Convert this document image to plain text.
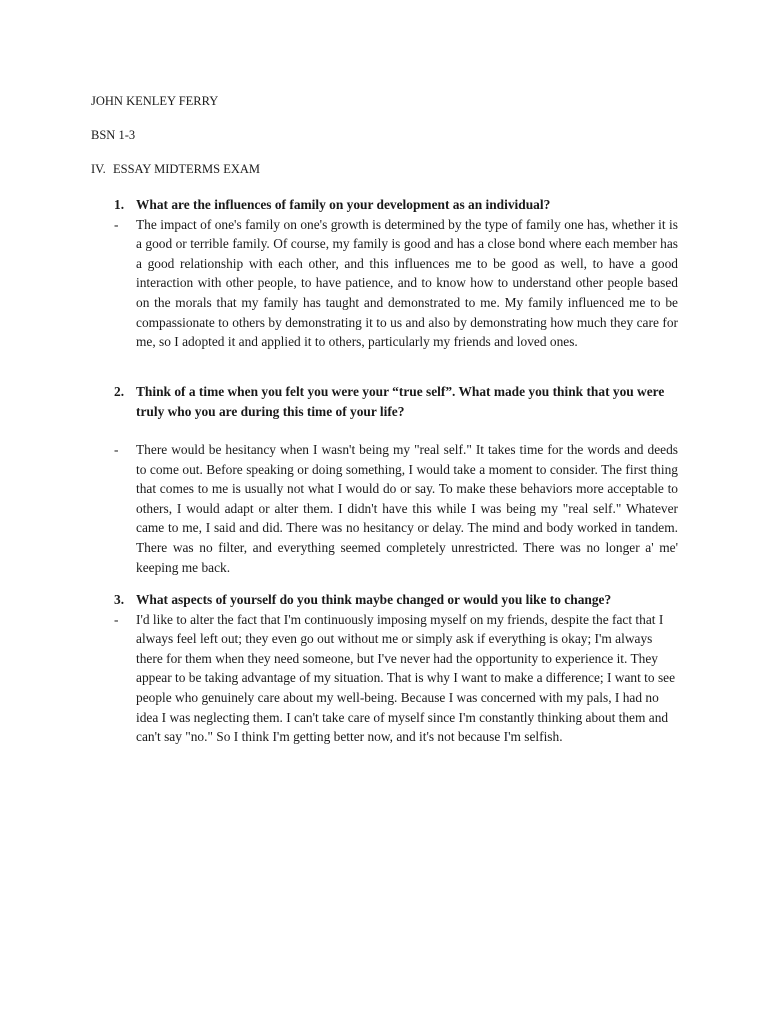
JOHN KENLEY FERRY
BSN 1-3
IV. ESSAY MIDTERMS EXAM
1. What are the influences of family on your development as an individual?
- The impact of one's family on one's growth is determined by the type of family one has, whether it is a good or terrible family. Of course, my family is good and has a close bond where each member has a good relationship with each other, and this influences me to be good as well, to have a good interaction with other people, to have patience, and to know how to understand other people based on the morals that my family has taught and demonstrated to me. My family influenced me to be compassionate to others by demonstrating it to us and also by demonstrating how much they care for me, so I adopted it and applied it to others, particularly my friends and loved ones.
2. Think of a time when you felt you were your “true self”. What made you think that you were truly who you are during this time of your life?
- There would be hesitancy when I wasn't being my "real self." It takes time for the words and deeds to come out. Before speaking or doing something, I would take a moment to consider. The first thing that comes to me is usually not what I would do or say. To make these behaviors more acceptable to others, I would adapt or alter them. I didn't have this while I was being my "real self." Whatever came to me, I said and did. There was no hesitancy or delay. The mind and body worked in tandem. There was no filter, and everything seemed completely unrestricted. There was no longer a' me' keeping me back.
3. What aspects of yourself do you think maybe changed or would you like to change?
- I'd like to alter the fact that I'm continuously imposing myself on my friends, despite the fact that I always feel left out; they even go out without me or simply ask if everything is okay; I'm always there for them when they need someone, but I've never had the opportunity to experience it. They appear to be taking advantage of my situation. That is why I want to make a difference; I want to see people who genuinely care about my well-being. Because I was concerned with my pals, I had no idea I was neglecting them. I can't take care of myself since I'm constantly thinking about them and can't say "no." So I think I'm getting better now, and it's not because I'm selfish.
